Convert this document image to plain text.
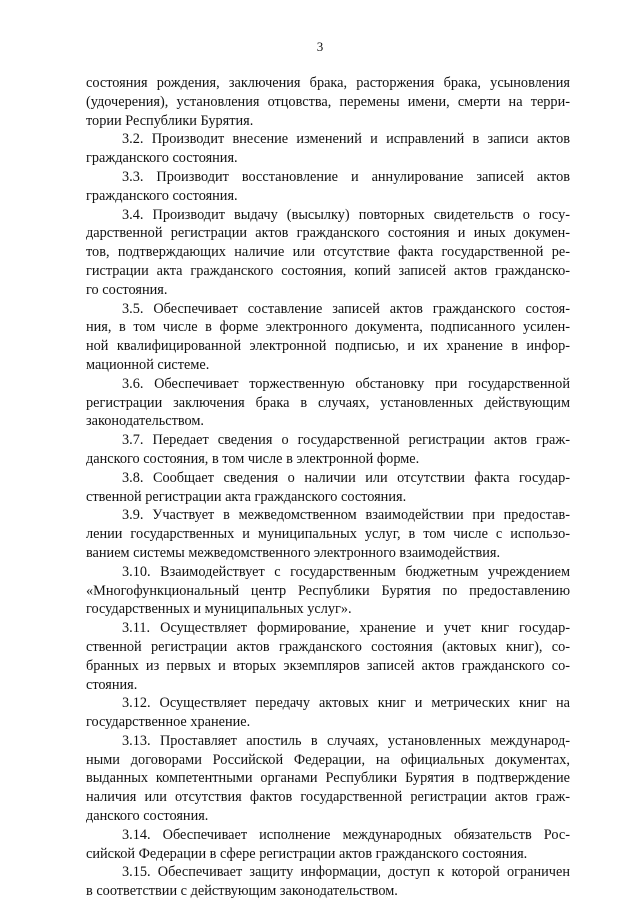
3
состояния рождения, заключения брака, расторжения брака, усыновления
(удочерения), установления отцовства, перемены имени, смерти на терри-
тории Республики Бурятия.
3.2. Производит внесение изменений и исправлений в записи актов
гражданского состояния.
3.3. Производит восстановление и аннулирование записей актов
гражданского состояния.
3.4. Производит выдачу (высылку) повторных свидетельств о госу-
дарственной регистрации актов гражданского состояния и иных докумен-
тов, подтверждающих наличие или отсутствие факта государственной ре-
гистрации акта гражданского состояния, копий записей актов гражданско-
го состояния.
3.5. Обеспечивает составление записей актов гражданского состоя-
ния, в том числе в форме электронного документа, подписанного усилен-
ной квалифицированной электронной подписью, и их хранение в инфор-
мационной системе.
3.6. Обеспечивает торжественную обстановку при государственной
регистрации заключения брака в случаях, установленных действующим
законодательством.
3.7. Передает сведения о государственной регистрации актов граж-
данского состояния, в том числе в электронной форме.
3.8. Сообщает сведения о наличии или отсутствии факта государ-
ственной регистрации акта гражданского состояния.
3.9. Участвует в межведомственном взаимодействии при предостав-
лении государственных и муниципальных услуг, в том числе с использо-
ванием системы межведомственного электронного взаимодействия.
3.10. Взаимодействует с государственным бюджетным учреждением
«Многофункциональный центр Республики Бурятия по предоставлению
государственных и муниципальных услуг».
3.11. Осуществляет формирование, хранение и учет книг государ-
ственной регистрации актов гражданского состояния (актовых книг), со-
бранных из первых и вторых экземпляров записей актов гражданского со-
стояния.
3.12. Осуществляет передачу актовых книг и метрических книг на
государственное хранение.
3.13. Проставляет апостиль в случаях, установленных международ-
ными договорами Российской Федерации, на официальных документах,
выданных компетентными органами Республики Бурятия в подтверждение
наличия или отсутствия фактов государственной регистрации актов граж-
данского состояния.
3.14. Обеспечивает исполнение международных обязательств Рос-
сийской Федерации в сфере регистрации актов гражданского состояния.
3.15. Обеспечивает защиту информации, доступ к которой ограничен
в соответствии с действующим законодательством.
